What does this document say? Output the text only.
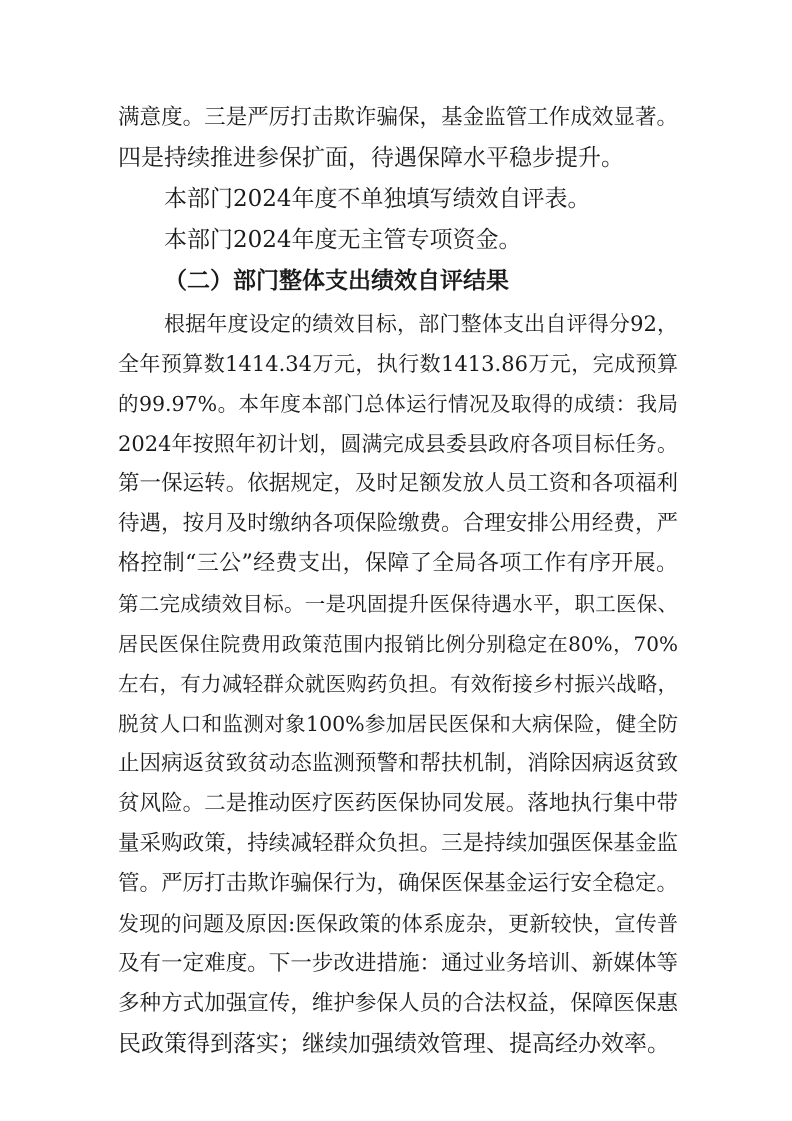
满意度。三是严厉打击欺诈骗保，基金监管工作成效显著。
四是持续推进参保扩面，待遇保障水平稳步提升。
本部门2024年度不单独填写绩效自评表。
本部门2024年度无主管专项资金。
（二）部门整体支出绩效自评结果
根据年度设定的绩效目标，部门整体支出自评得分92，
全年预算数1414.34万元，执行数1413.86万元，完成预算
的99.97%。本年度本部门总体运行情况及取得的成绩：我局
2024年按照年初计划，圆满完成县委县政府各项目标任务。
第一保运转。依据规定，及时足额发放人员工资和各项福利
待遇，按月及时缴纳各项保险缴费。合理安排公用经费，严
格控制“三公”经费支出，保障了全局各项工作有序开展。
第二完成绩效目标。一是巩固提升医保待遇水平，职工医保、
居民医保住院费用政策范围内报销比例分别稳定在80%，70%
左右，有力减轻群众就医购药负担。有效衔接乡村振兴战略，
脱贫人口和监测对象100%参加居民医保和大病保险，健全防
止因病返贫致贫动态监测预警和帮扶机制，消除因病返贫致
贫风险。二是推动医疗医药医保协同发展。落地执行集中带
量采购政策，持续减轻群众负担。三是持续加强医保基金监
管。严厉打击欺诈骗保行为，确保医保基金运行安全稳定。
发现的问题及原因:医保政策的体系庞杂，更新较快，宣传普
及有一定难度。下一步改进措施：通过业务培训、新媒体等
多种方式加强宣传，维护参保人员的合法权益，保障医保惠
民政策得到落实；继续加强绩效管理、提高经办效率。
